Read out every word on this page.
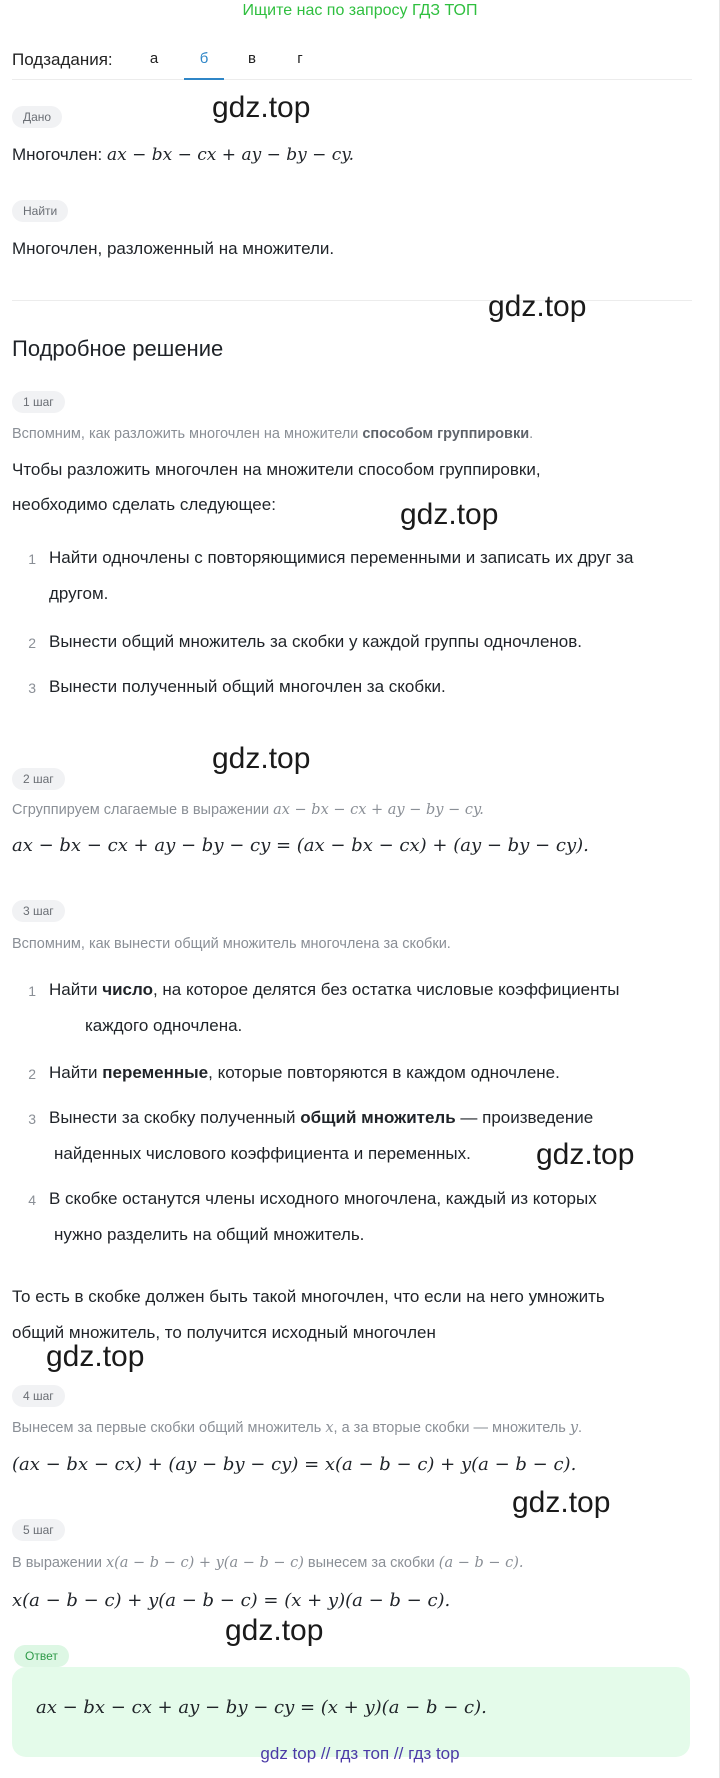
Ищите нас по запросу ГДЗ ТОП
Подзадания:	а	б	в	г
Дано
Многочлен: ax − bx − cx + ay − by − cy.
Найти
Многочлен, разложенный на множители.
Подробное решение
1 шаг
Вспомним, как разложить многочлен на множители способом группировки.
Чтобы разложить многочлен на множители способом группировки,
необходимо сделать следующее:
1 Найти одночлены с повторяющимися переменными и записать их друг за
другом.
2 Вынести общий множитель за скобки у каждой группы одночленов.
3 Вынести полученный общий многочлен за скобки.
2 шаг
Сгруппируем слагаемые в выражении ax − bx − cx + ay − by − cy.
ax − bx − cx + ay − by − cy = (ax − bx − cx) + (ay − by − cy).
3 шаг
Вспомним, как вынести общий множитель многочлена за скобки.
1 Найти число, на которое делятся без остатка числовые коэффициенты
каждого одночлена.
2 Найти переменные, которые повторяются в каждом одночлене.
3 Вынести за скобку полученный общий множитель — произведение
найденных числового коэффициента и переменных.
4 В скобке останутся члены исходного многочлена, каждый из которых
нужно разделить на общий множитель.
То есть в скобке должен быть такой многочлен, что если на него умножить
общий множитель, то получится исходный многочлен
4 шаг
Вынесем за первые скобки общий множитель x, а за вторые скобки — множитель y.
(ax − bx − cx) + (ay − by − cy) = x(a − b − c) + y(a − b − c).
5 шаг
В выражении x(a − b − c) + y(a − b − c) вынесем за скобки (a − b − c).
x(a − b − c) + y(a − b − c) = (x + y)(a − b − c).
Ответ
ax − bx − cx + ay − by − cy = (x + y)(a − b − c).
gdz.top
gdz.top
gdz.top
gdz.top
gdz.top
gdz.top
gdz.top
gdz.top
gdz top // гдз топ // гдз top
